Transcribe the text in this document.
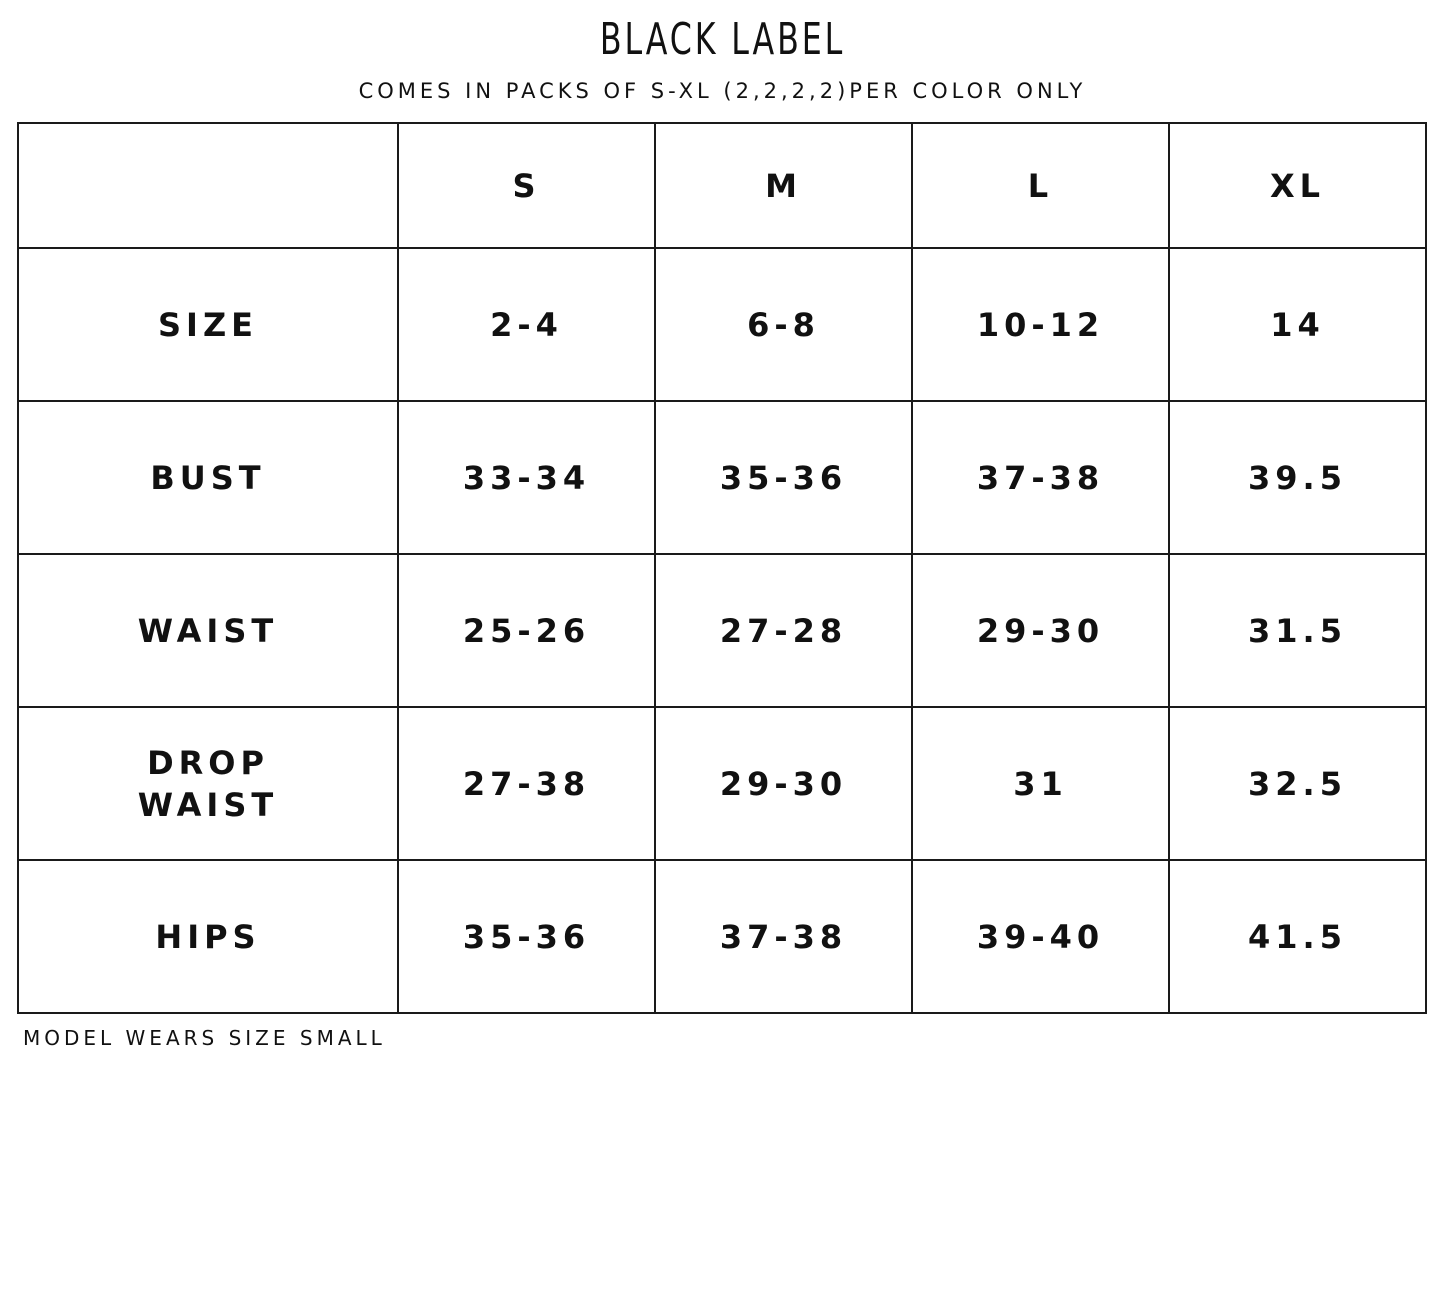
BLACK LABEL
COMES IN PACKS OF S-XL (2,2,2,2)PER COLOR ONLY
	S	M	L	XL

SIZE	2-4	6-8	10-12	14

BUST	33-34	35-36	37-38	39.5

WAIST	25-26	27-28	29-30	31.5

DROP
WAIST	27-38	29-30	31	32.5

HIPS	35-36	37-38	39-40	41.5
MODEL WEARS SIZE SMALL
